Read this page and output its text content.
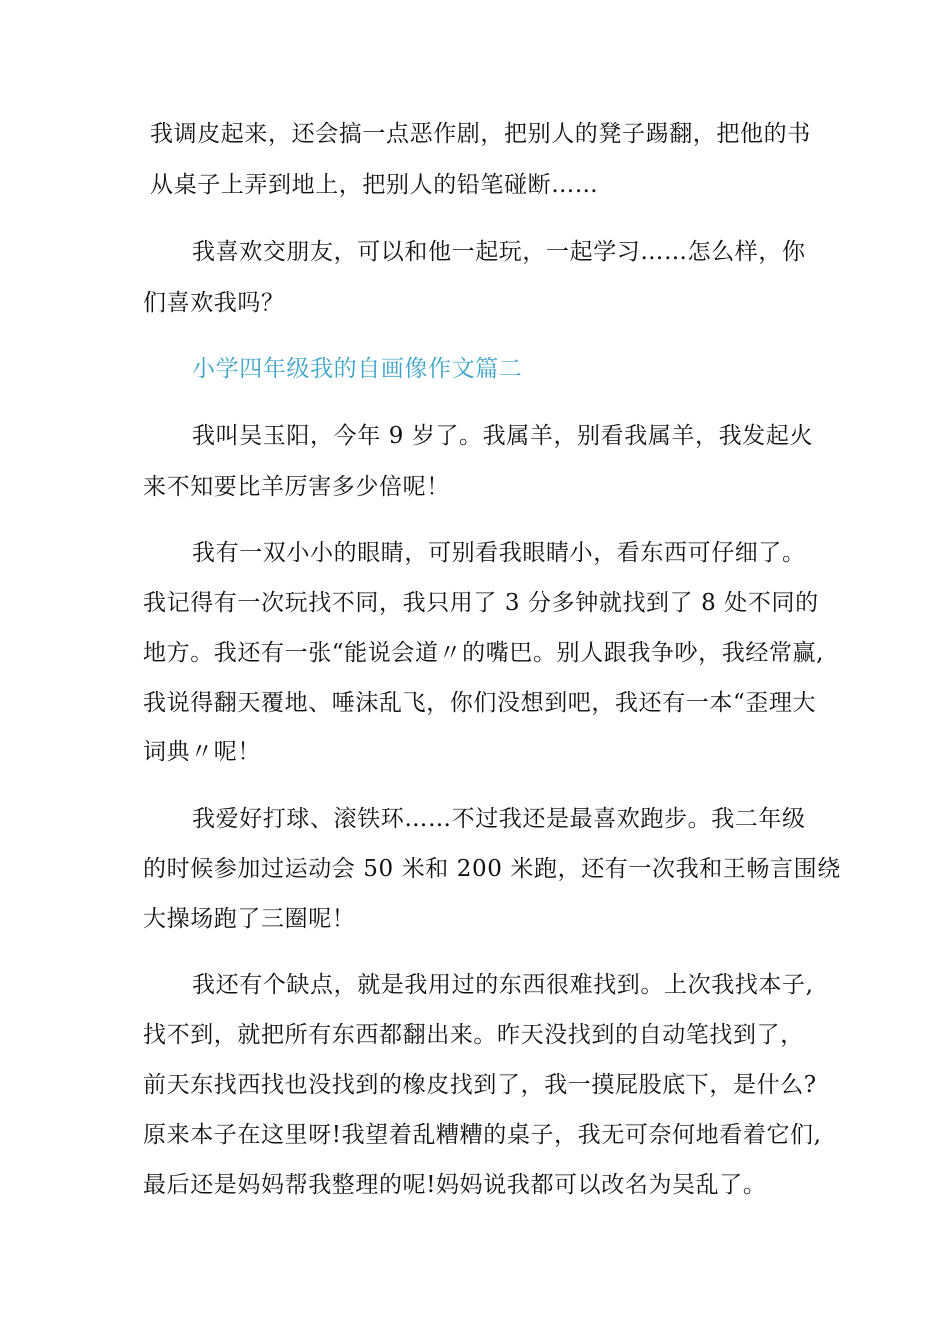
我调皮起来，还会搞一点恶作剧，把别人的凳子踢翻，把他的书
从桌子上弄到地上，把别人的铅笔碰断……
我喜欢交朋友，可以和他一起玩，一起学习……怎么样，你
们喜欢我吗？
小学四年级我的自画像作文篇二
我叫吴玉阳，今年 9 岁了。我属羊，别看我属羊，我发起火
来不知要比羊厉害多少倍呢！
我有一双小小的眼睛，可别看我眼睛小，看东西可仔细了。
我记得有一次玩找不同，我只用了 3 分多钟就找到了 8 处不同的
地方。我还有一张“能说会道〃的嘴巴。别人跟我争吵，我经常赢,
我说得翻天覆地、唾沫乱飞，你们没想到吧，我还有一本“歪理大
词典〃呢！
我爱好打球、滚铁环……不过我还是最喜欢跑步。我二年级
的时候参加过运动会 50 米和 200 米跑，还有一次我和王畅言围绕
大操场跑了三圈呢！
我还有个缺点，就是我用过的东西很难找到。上次我找本子,
找不到，就把所有东西都翻出来。昨天没找到的自动笔找到了，
前天东找西找也没找到的橡皮找到了，我一摸屁股底下，是什么?
原来本子在这里呀!我望着乱糟糟的桌子，我无可奈何地看着它们,
最后还是妈妈帮我整理的呢!妈妈说我都可以改名为吴乱了。
